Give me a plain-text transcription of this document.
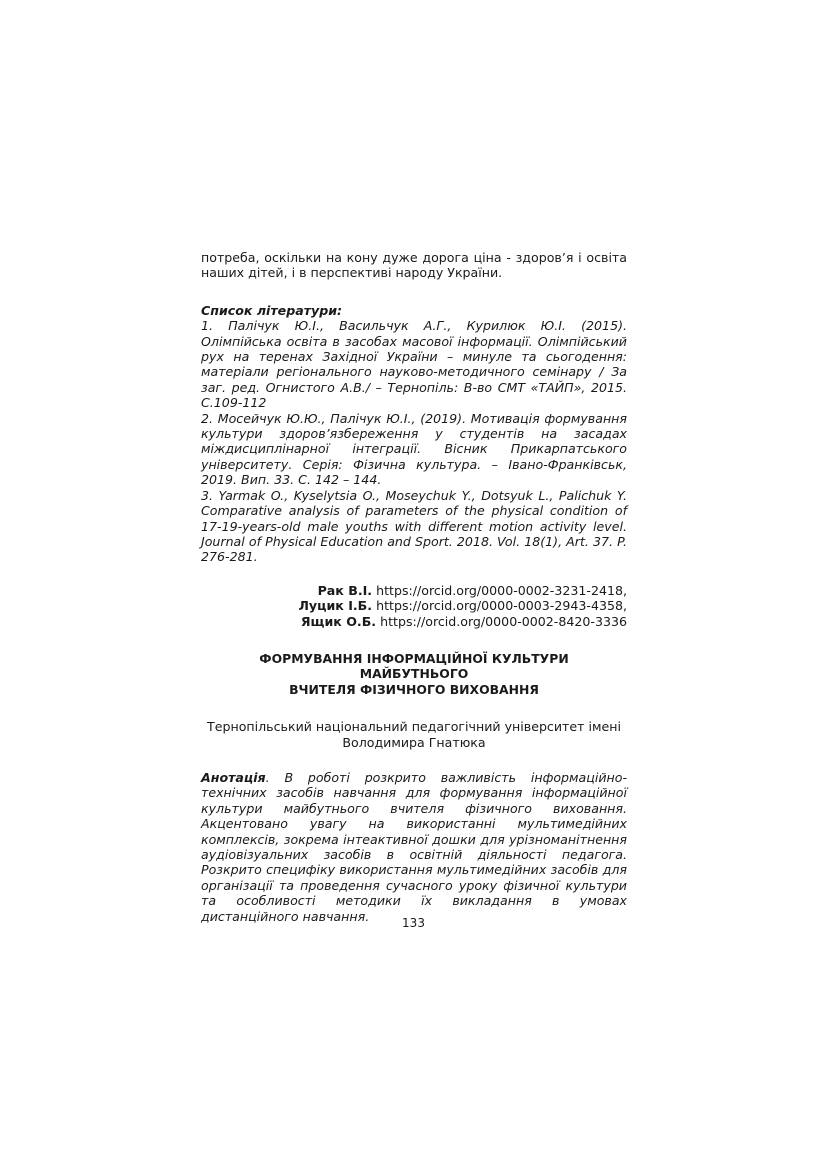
потреба, оскільки на кону дуже дорога ціна - здоров’я і освіта наших дітей, і в перспективі народу України.

Список літератури:

1. Палічук Ю.І., Васильчук А.Г., Курилюк Ю.І. (2015). Олімпійська освіта в засобах масової інформації. Олімпійський рух на теренах Західної України – минуле та сьогодення: матеріали регіонального науково-методичного семінару / За заг. ред. Огнистого А.В./ – Тернопіль: В-во СМТ «ТАЙП», 2015. С.109-112

2. Мосейчук Ю.Ю., Палічук Ю.І., (2019). Мотивація формування культури здоров’язбереження у студентів на засадах міждисциплінарної інтеграції. Вісник Прикарпатського університету. Серія: Фізична культура. – Івано-Франківськ, 2019. Вип. 33. С. 142 – 144.

3. Yarmak O., Kyselytsia O., Moseychuk Y., Dotsyuk L., Palichuk Y. Comparative analysis of parameters of the physical condition of 17-19-years-old male youths with different motion activity level. Journal of Physical Education and Sport. 2018. Vol. 18(1), Art. 37. P. 276-281.

Рак В.І. https://orcid.org/0000-0002-3231-2418,

Луцик І.Б. https://orcid.org/0000-0003-2943-4358,

Ящик О.Б. https://orcid.org/0000-0002-8420-3336

ФОРМУВАННЯ ІНФОРМАЦІЙНОЇ КУЛЬТУРИ
МАЙБУТНЬОГО
ВЧИТЕЛЯ ФІЗИЧНОГО ВИХОВАННЯ
Тернопільський національний педагогічний університет імені
Володимира Гнатюка

Анотація. В роботі розкрито важливість інформаційно-технічних засобів навчання для формування інформаційної культури майбутнього вчителя фізичного виховання. Акцентовано увагу на використанні мультимедійних комплексів, зокрема інтеактивної дошки для урізноманітнення аудіовізуальних засобів в освітній діяльності педагога. Розкрито специфіку використання мультимедійних засобів для організації та проведення сучасного уроку фізичної культури та особливості методики їх викладання в умовах дистанційного навчання.	133
